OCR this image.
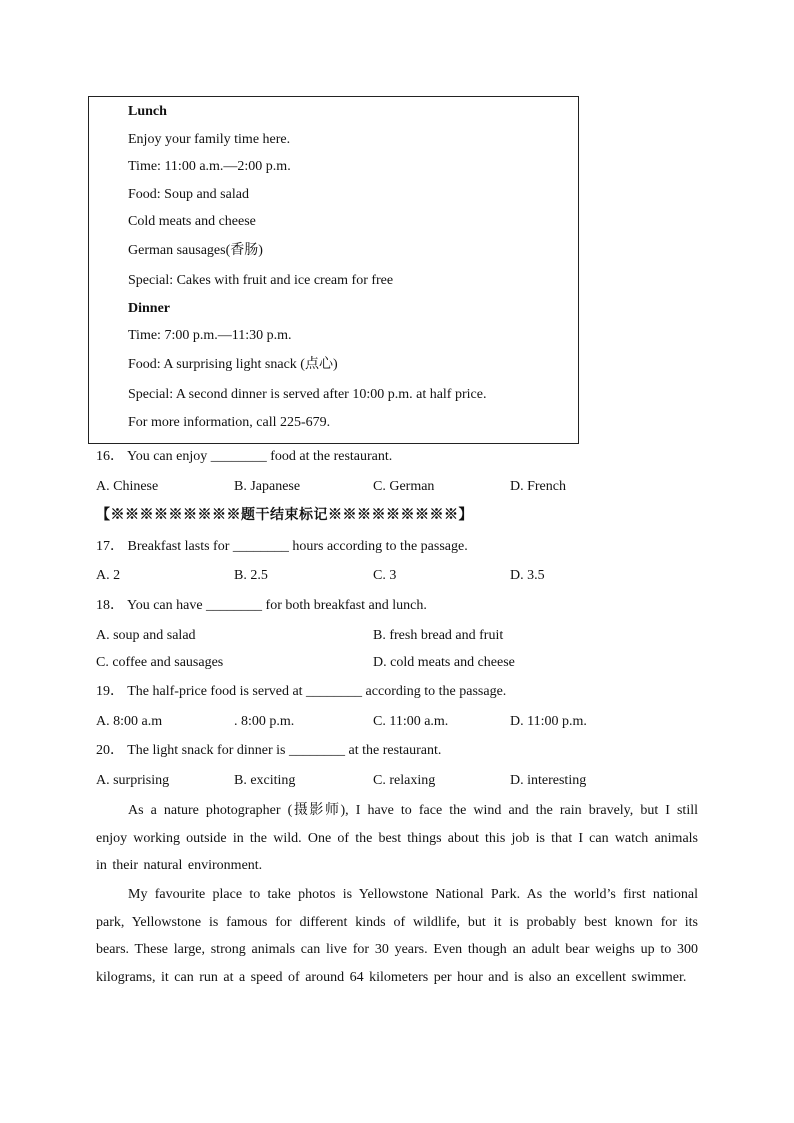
Lunch
Enjoy your family time here.
Time: 11:00 a.m.—2:00 p.m.
Food: Soup and salad
Cold meats and cheese
German sausages(香肠)
Special: Cakes with fruit and ice cream for free
Dinner
Time: 7:00 p.m.—11:30 p.m.
Food: A surprising light snack (点心)
Special: A second dinner is served after 10:00 p.m. at half price.
For more information, call 225-679.
16． You can enjoy ________ food at the restaurant.
A. Chinese	B. Japanese	C. German	D. French
【※※※※※※※※※题干结束标记※※※※※※※※※】
17． Breakfast lasts for ________ hours according to the passage.
A. 2	B. 2.5	C. 3	D. 3.5
18． You can have ________ for both breakfast and lunch.
A. soup and salad	B. fresh bread and fruit
C. coffee and sausages	D. cold meats and cheese
19． The half-price food is served at ________ according to the passage.
A. 8:00 a.m	. 8:00 p.m.	C. 11:00 a.m.	D. 11:00 p.m.
20． The light snack for dinner is ________ at the restaurant.
A. surprising	B. exciting	C. relaxing	D. interesting
As a nature photographer (摄影师), I have to face the wind and the rain bravely, but I still enjoy working outside in the wild. One of the best things about this job is that I can watch animals in their natural environment.
My favourite place to take photos is Yellowstone National Park. As the world’s first national park, Yellowstone is famous for different kinds of wildlife, but it is probably best known for its bears. These large, strong animals can live for 30 years. Even though an adult bear weighs up to 300 kilograms, it can run at a speed of around 64 kilometers per hour and is also an excellent swimmer.
